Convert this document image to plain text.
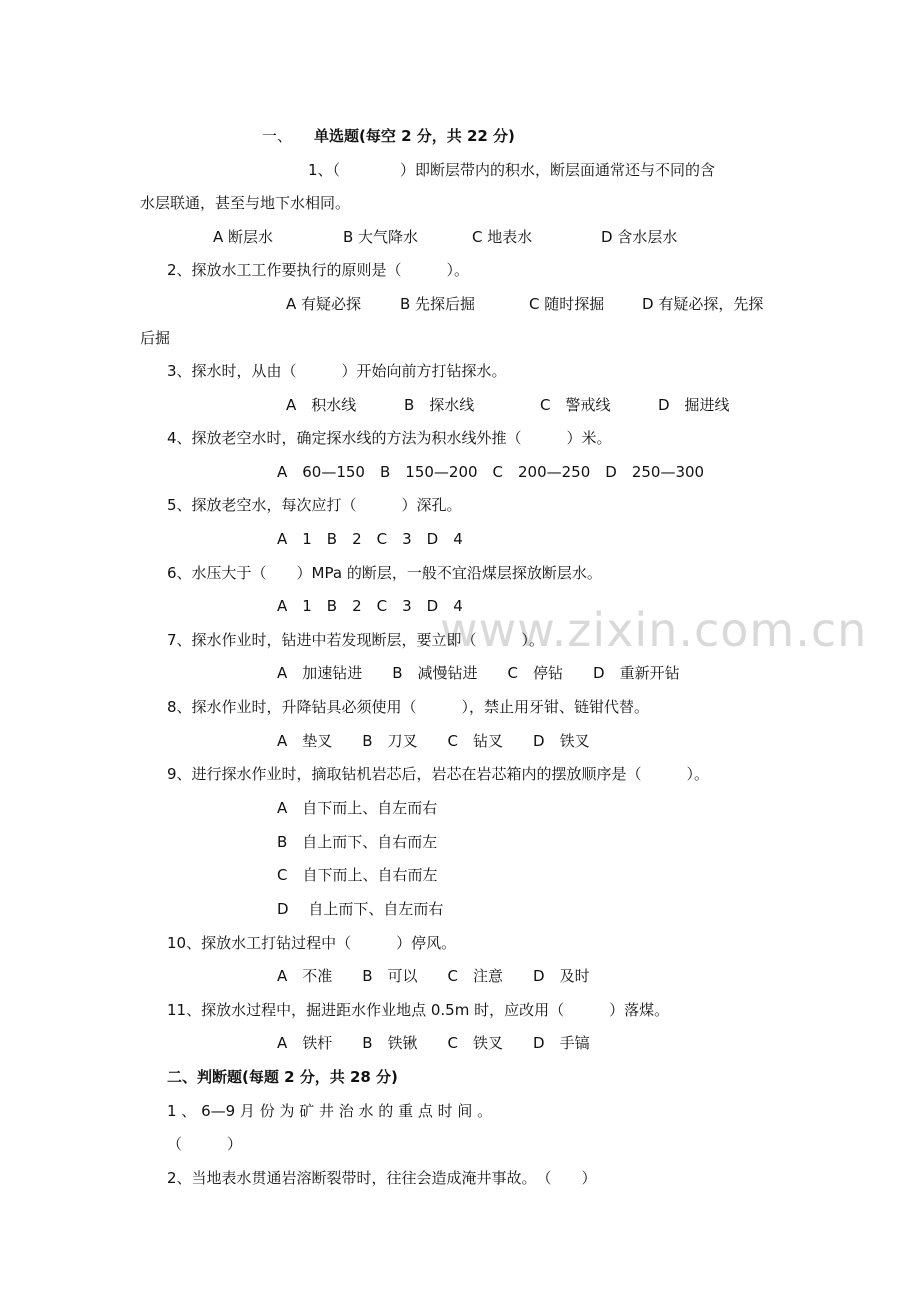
www.zixin.com.cn
一、 单选题(每空 2 分，共 22 分)
1、（　　　　）即断层带内的积水，断层面通常还与不同的含
水层联通，甚至与地下水相同。
A 断层水	B 大气降水	C 地表水	D 含水层水
2、探放水工工作要执行的原则是（　　　）。
A 有疑必探	B 先探后掘	C 随时探掘	D 有疑必探，先探
后掘
3、探水时，从由（　　　）开始向前方打钻探水。
A　积水线	B　探水线	C　警戒线	D　掘进线
4、探放老空水时，确定探水线的方法为积水线外推（　　　）米。
A　60—150　B　150—200　C　200—250　D　250—300
5、探放老空水，每次应打（　　　）深孔。
A　1　B　2　C　3　D　4
6、水压大于（　　）MPa 的断层，一般不宜沿煤层探放断层水。
A　1　B　2　C　3　D　4
7、探水作业时，钻进中若发现断层，要立即（　　　）。
A　加速钻进　　B　减慢钻进　　C　停钻　　D　重新开钻
8、探水作业时，升降钻具必须使用（　　　），禁止用牙钳、链钳代替。
A　垫叉　　B　刀叉　　C　钻叉　　D　铁叉
9、进行探水作业时，摘取钻机岩芯后，岩芯在岩芯箱内的摆放顺序是（　　　）。
A　自下而上、自左而右
B　自上而下、自右而左
C　自下而上、自右而左
D　 自上而下、自左而右
10、探放水工打钻过程中（　　　）停风。
A　不准　　B　可以　　C　注意　　D　及时
11、探放水过程中，掘进距水作业地点 0.5m 时，应改用（　　　）落煤。
A　铁杆　　B　铁锹　　C　铁叉　　D　手镐
二、判断题(每题 2 分，共 28 分)
1 、 6—9 月 份 为 矿 井 治 水 的 重 点 时 间 。
（　　　）
2、当地表水贯通岩溶断裂带时，往往会造成淹井事故。　（　　）
